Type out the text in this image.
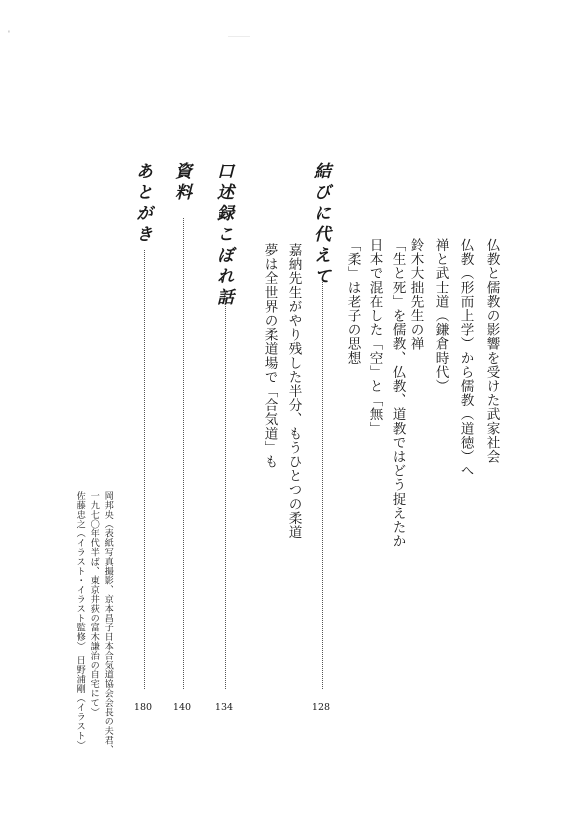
'
仏教と儒教の影響を受けた武家社会
仏教（形而上学）から儒教（道徳）へ
禅と武士道（鎌倉時代）
鈴木大拙先生の禅
「生と死」を儒教、仏教、道教ではどう捉えたか
日本で混在した「空」と「無」
「柔」は老子の思想
結びに代えて
128
嘉納先生がやり残した半分、もうひとつの柔道
夢は全世界の柔道場で「合気道」も
口述録こぼれ話
134
資料
140
あとがき
180
岡邦央（表紙写真撮影、京本昌子日本合気道協会会長の夫君、
一九七〇年代半ば、東京井荻の富木謙治の自宅にて）
佐藤忠之（イラスト・イラスト監修）　日野浦剛（イラスト）
